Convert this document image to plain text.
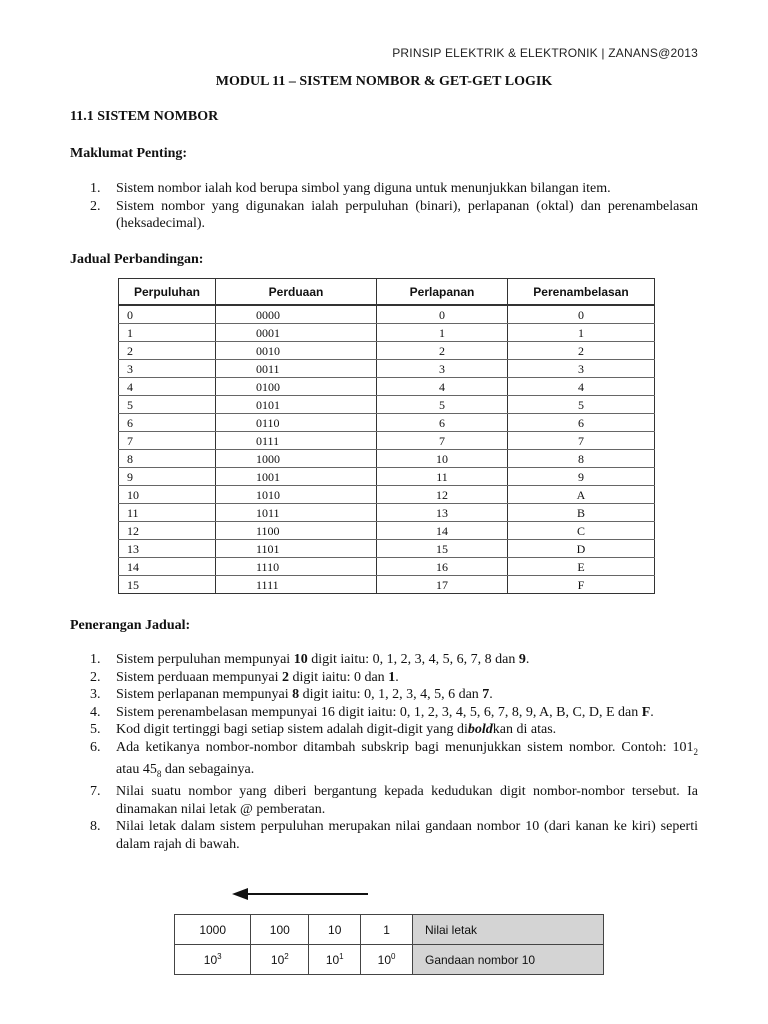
PRINSIP ELEKTRIK & ELEKTRONIK | ZANANS@2013
MODUL 11 – SISTEM NOMBOR & GET-GET LOGIK
11.1 SISTEM NOMBOR
Maklumat Penting:
1.	Sistem nombor ialah kod berupa simbol yang diguna untuk menunjukkan bilangan item.
2.	Sistem nombor yang digunakan ialah perpuluhan (binari), perlapanan (oktal) dan perenambelasan (heksadecimal).
Jadual Perbandingan:
Perpuluhan	Perduaan	Perlapanan	Perenambelasan
0	0000	0	0
1	0001	1	1
2	0010	2	2
3	0011	3	3
4	0100	4	4
5	0101	5	5
6	0110	6	6
7	0111	7	7
8	1000	10	8
9	1001	11	9
10	1010	12	A
11	1011	13	B
12	1100	14	C
13	1101	15	D
14	1110	16	E
15	1111	17	F
Penerangan Jadual:
1.	Sistem perpuluhan mempunyai 10 digit iaitu: 0, 1, 2, 3, 4, 5, 6, 7, 8 dan 9.
2.	Sistem perduaan mempunyai 2 digit iaitu: 0 dan 1.
3.	Sistem perlapanan mempunyai 8 digit iaitu: 0, 1, 2, 3, 4, 5, 6 dan 7.
4.	Sistem perenambelasan mempunyai 16 digit iaitu: 0, 1, 2, 3, 4, 5, 6, 7, 8, 9, A, B, C, D, E dan F.
5.	Kod digit tertinggi bagi setiap sistem adalah digit-digit yang diboldkan di atas.
6.	Ada ketikanya nombor-nombor ditambah subskrip bagi menunjukkan sistem nombor. Contoh: $101_2$ atau $45_8$ dan sebagainya.
7.	Nilai suatu nombor yang diberi bergantung kepada kedudukan digit nombor-nombor tersebut. Ia dinamakan nilai letak @ pemberatan.
8.	Nilai letak dalam sistem perpuluhan merupakan nilai gandaan nombor 10 (dari kanan ke kiri) seperti dalam rajah di bawah.
1000	100	10	1	Nilai letak
$10^3$	$10^2$	$10^1$	$10^0$	Gandaan nombor 10
